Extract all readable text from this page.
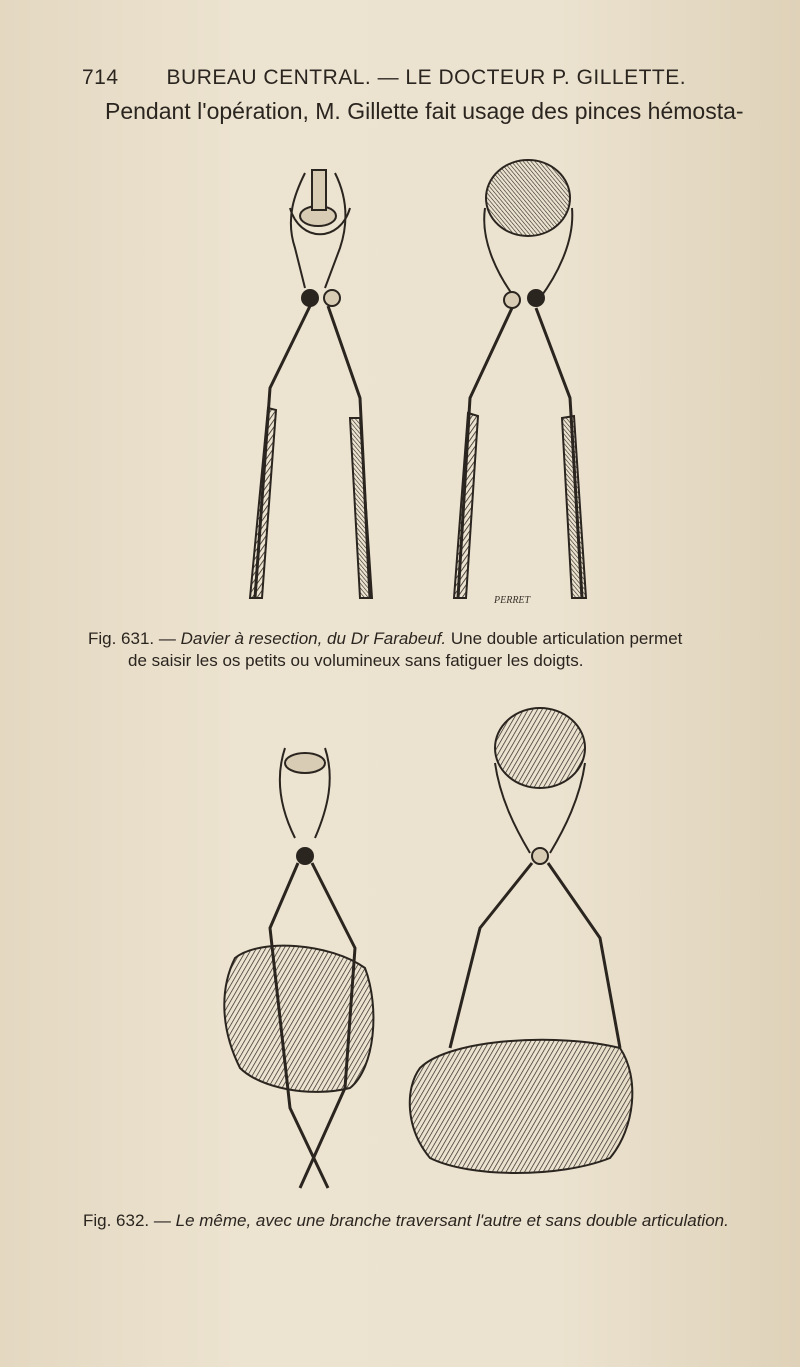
714 BUREAU CENTRAL. — LE DOCTEUR P. GILLETTE.
Pendant l'opération, M. Gillette fait usage des pinces hémosta-
PERRET
Fig. 631. — Davier à resection, du Dr Farabeuf. Une double articulation permet
de saisir les os petits ou volumineux sans fatiguer les doigts.
Fig. 632. — Le même, avec une branche traversant l'autre et sans double articulation.
